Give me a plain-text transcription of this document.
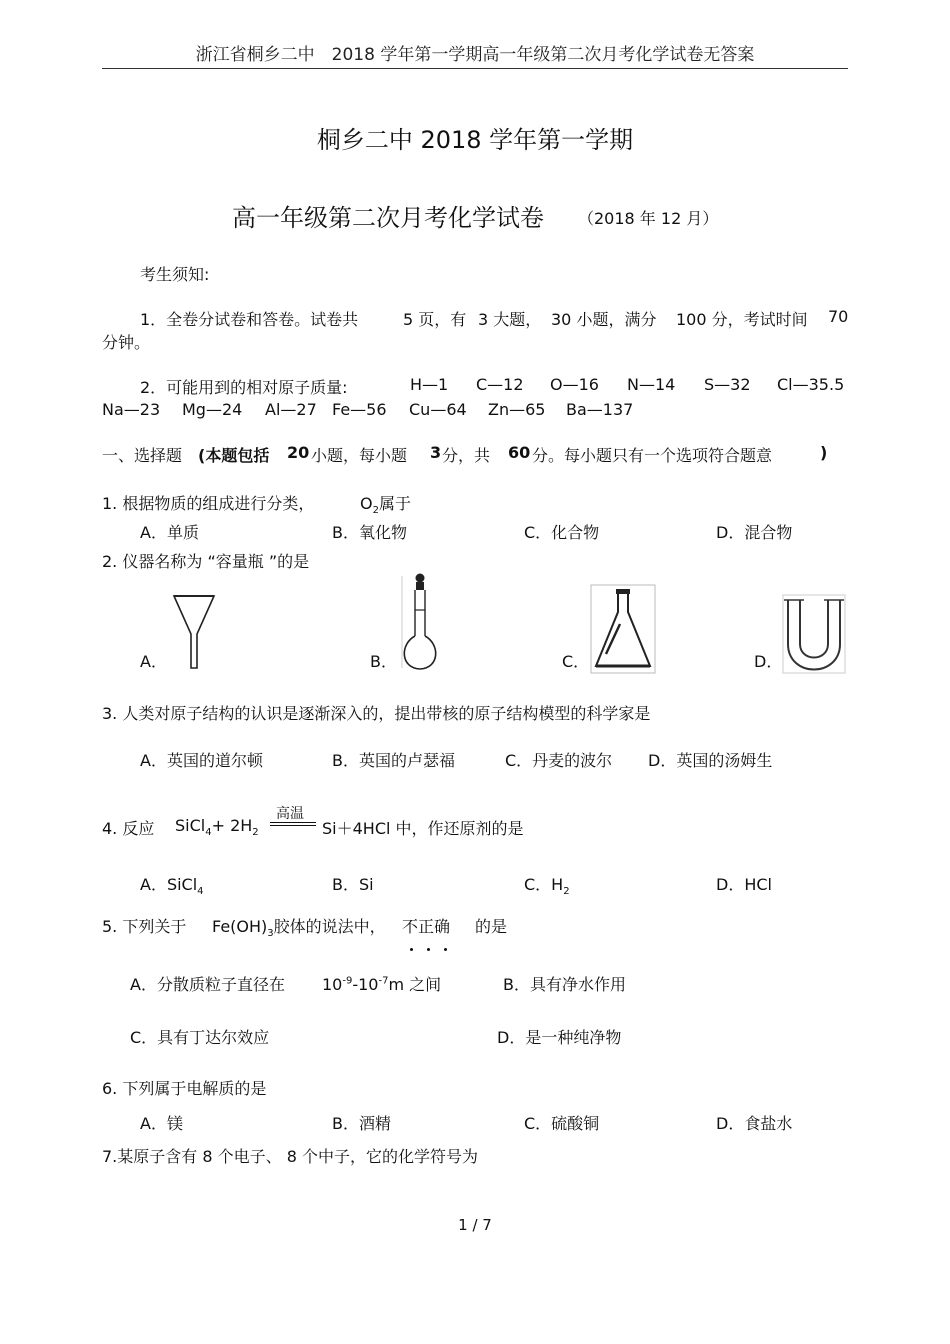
浙江省桐乡二中　2018 学年第一学期高一年级第二次月考化学试卷无答案
桐乡二中 2018 学年第一学期
高一年级第二次月考化学试卷 （2018 年 12 月）
考生须知:
1．全卷分试卷和答卷。试卷共	5 页，有 3 大题， 30 小题，满分 100 分，考试时间 70
分钟。
2．可能用到的相对原子质量:	H—1 C—12 O—16 N—14 S—32 Cl—35.5
Na—23 Mg—24 Al—27 Fe—56 Cu—64 Zn—65 Ba—137
一、选择题 (本题包括 20 小题，每小题 3 分，共 60 分。每小题只有一个选项符合题意	)
1. 根据物质的组成进行分类，	$O_2$属于
A．单质	B．氧化物	C．化合物	D．混合物
2. 仪器名称为 “容量瓶 ”的是
A．	B．	C．	D．
3. 人类对原子结构的认识是逐渐深入的，提出带核的原子结构模型的科学家是
A．英国的道尔顿	B．英国的卢瑟福	C．丹麦的波尔 D．英国的汤姆生
4. 反应 SiCl$_4$+ $2H_2$
高温
Si＋4HCl 中，作还原剂的是
A．SiCl$_4$	B．Si	C．$H_2$	D．HCl
5. 下列关于 $Fe(OH)_3$胶体的说法中， 不正确 的是
A．分散质粒子直径在 $10^{-9}-10^{-7}m$ 之间	B．具有净水作用
C．具有丁达尔效应	D．是一种纯净物
6. 下列属于电解质的是
A．镁	B．酒精	C．硫酸铜	D．食盐水
7.某原子含有 8 个电子、 8 个中子，它的化学符号为
1 / 7
